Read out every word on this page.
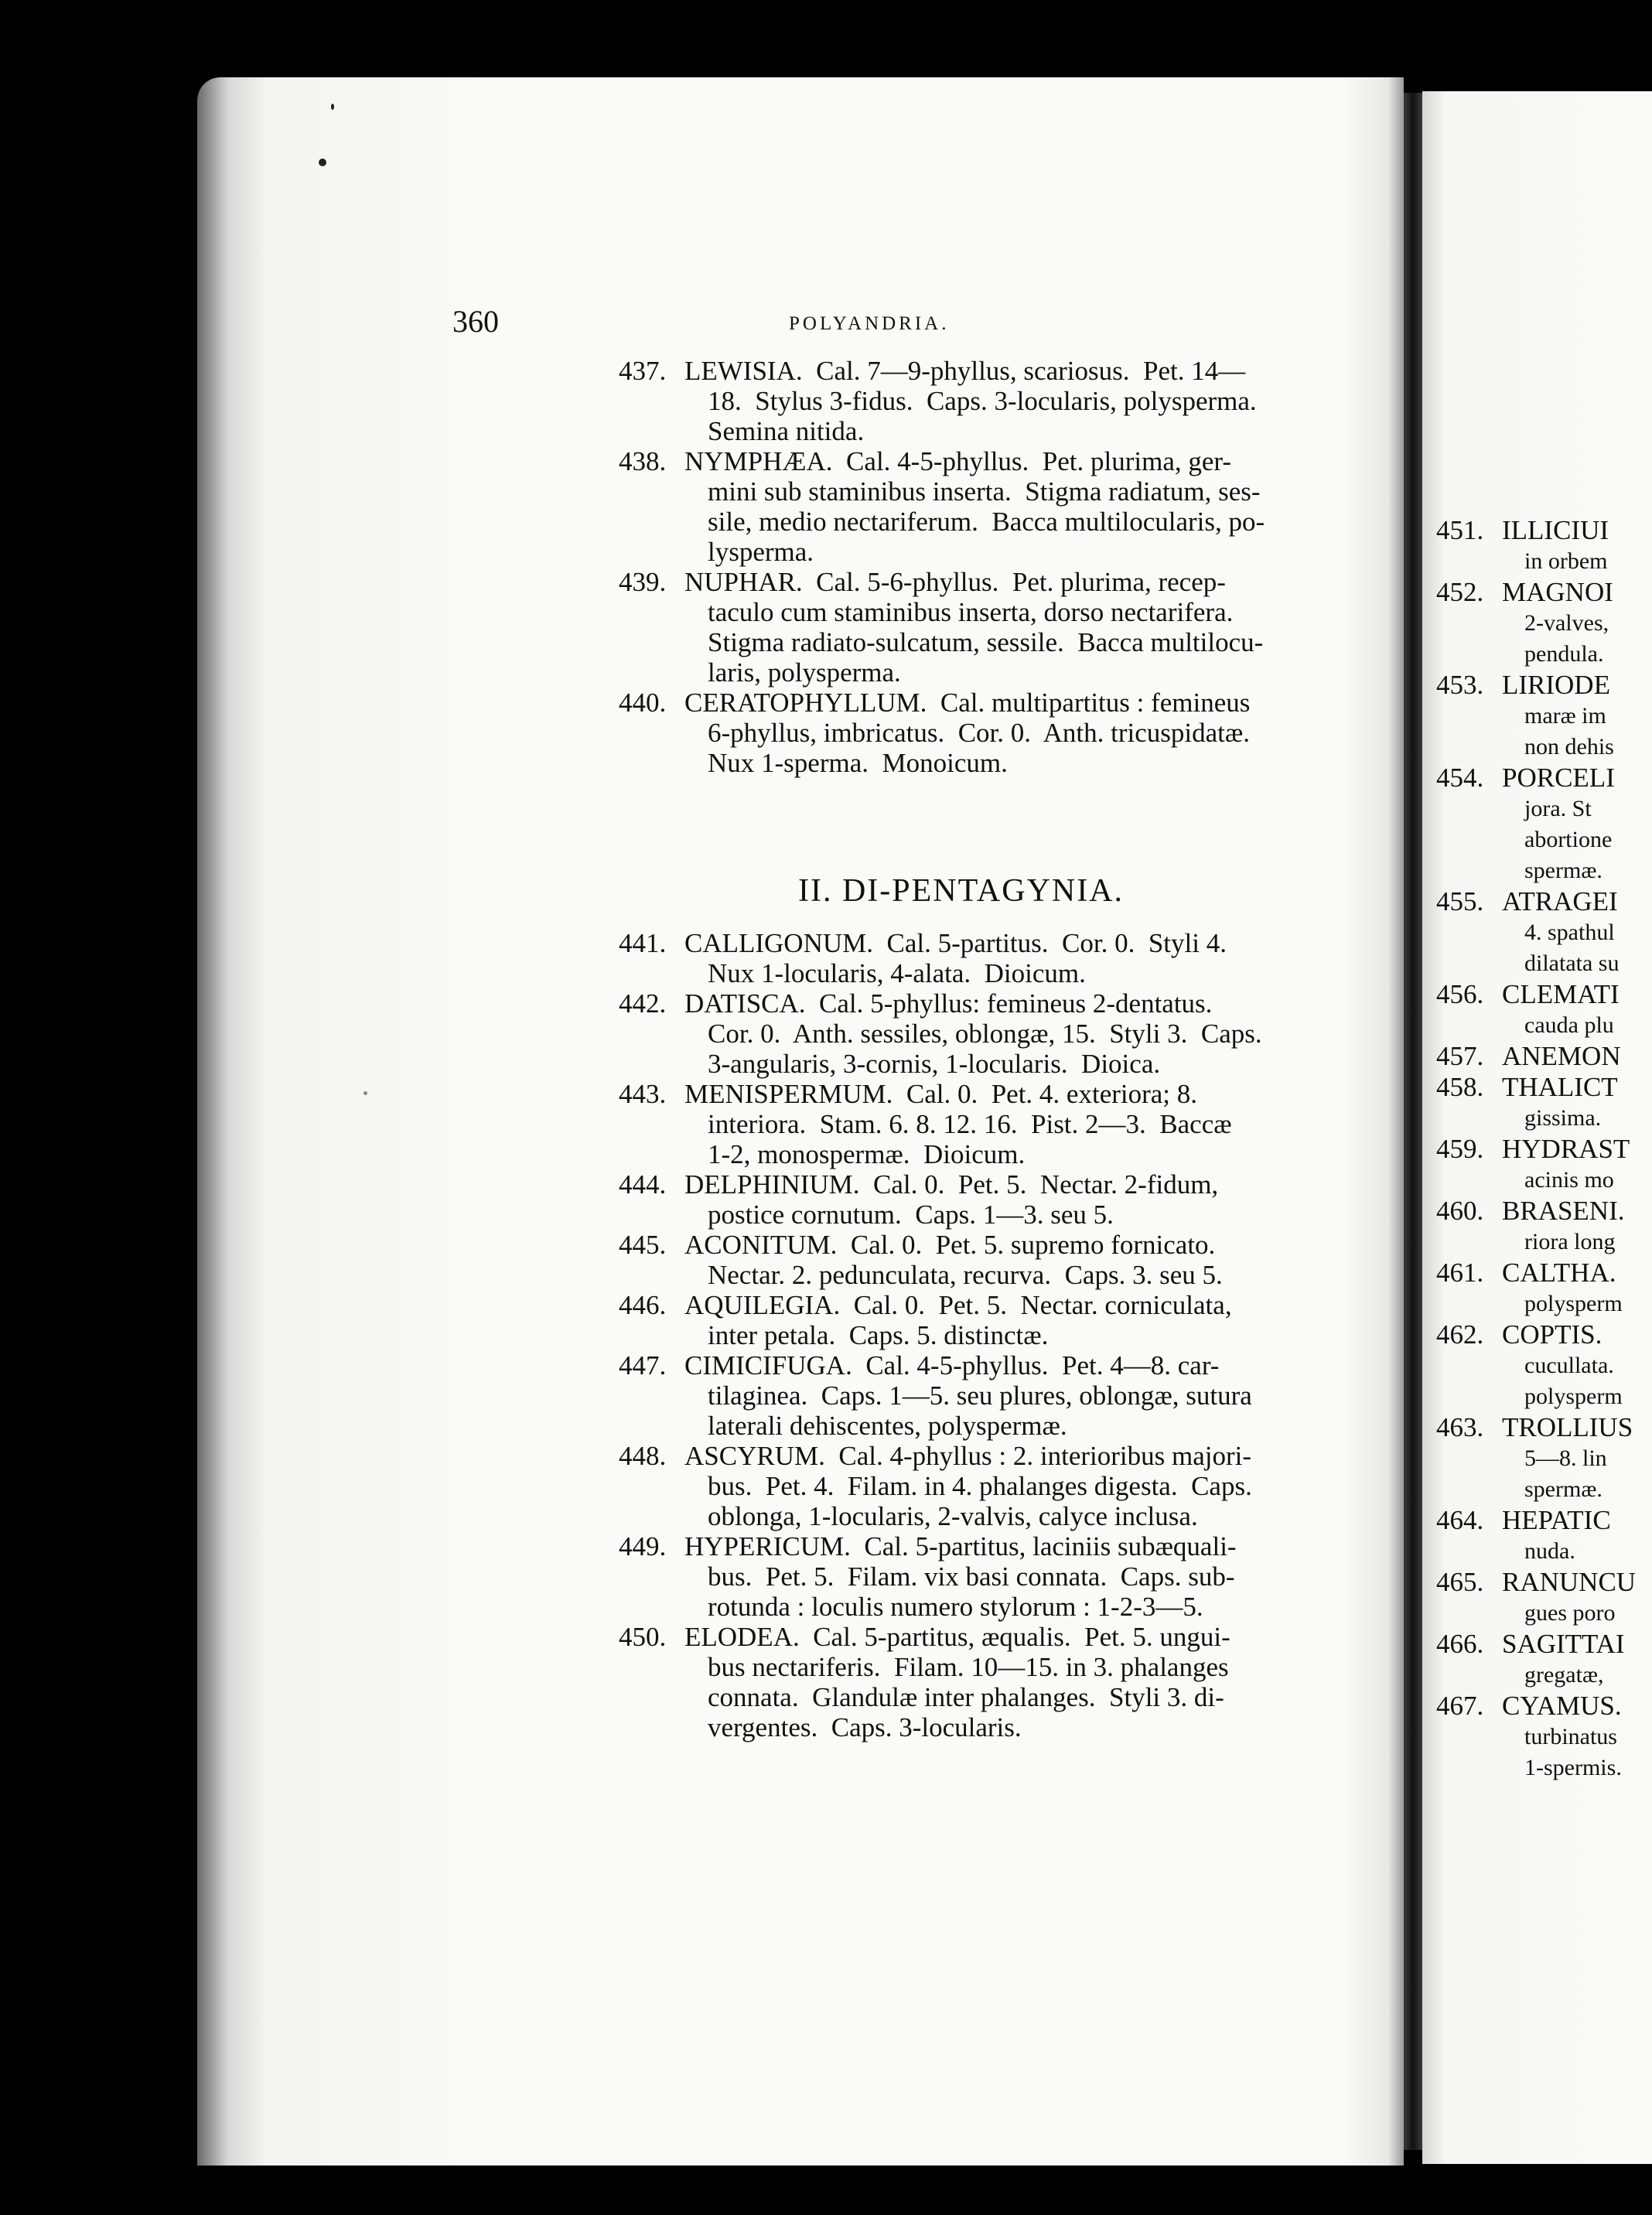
451. ILLICIUI
in orbem
452. MAGNOI
2-valves,
pendula.
453. LIRIODE
maræ im
non dehis
454. PORCELI
jora. St
abortione
spermæ.
455. ATRAGEI
4. spathul
dilatata su
456. CLEMATI
cauda plu
457. ANEMON
458. THALICT
gissima.
459. HYDRAST
acinis mo
460. BRASENI.
riora long
461. CALTHA.
polysperm
462. COPTIS.
cucullata.
polysperm
463. TROLLIUS
5—8. lin
spermæ.
464. HEPATIC
nuda.
465. RANUNCU
gues poro
466. SAGITTAI
gregatæ,
467. CYAMUS.
turbinatus
1-spermis.
360	POLYANDRIA.
II. DI-PENTAGYNIA.
437. LEWISIA.  Cal. 7—9-phyllus, scariosus.  Pet. 14—
18.  Stylus 3-fidus.  Caps. 3-locularis, polysperma.
Semina nitida.
438. NYMPHÆA.  Cal. 4-5-phyllus.  Pet. plurima, ger-
mini sub staminibus inserta.  Stigma radiatum, ses-
sile, medio nectariferum.  Bacca multilocularis, po-
lysperma.
439. NUPHAR.  Cal. 5-6-phyllus.  Pet. plurima, recep-
taculo cum staminibus inserta, dorso nectarifera.
Stigma radiato-sulcatum, sessile.  Bacca multilocu-
laris, polysperma.
440. CERATOPHYLLUM.  Cal. multipartitus : femineus
6-phyllus, imbricatus.  Cor. 0.  Anth. tricuspidatæ.
Nux 1-sperma.  Monoicum.
441. CALLIGONUM.  Cal. 5-partitus.  Cor. 0.  Styli 4.
Nux 1-locularis, 4-alata.  Dioicum.
442. DATISCA.  Cal. 5-phyllus: femineus 2-dentatus.
Cor. 0.  Anth. sessiles, oblongæ, 15.  Styli 3.  Caps.
3-angularis, 3-cornis, 1-locularis.  Dioica.
443. MENISPERMUM.  Cal. 0.  Pet. 4. exteriora; 8.
interiora.  Stam. 6. 8. 12. 16.  Pist. 2—3.  Baccæ
1-2, monospermæ.  Dioicum.
444. DELPHINIUM.  Cal. 0.  Pet. 5.  Nectar. 2-fidum,
postice cornutum.  Caps. 1—3. seu 5.
445. ACONITUM.  Cal. 0.  Pet. 5. supremo fornicato.
Nectar. 2. pedunculata, recurva.  Caps. 3. seu 5.
446. AQUILEGIA.  Cal. 0.  Pet. 5.  Nectar. corniculata,
inter petala.  Caps. 5. distinctæ.
447. CIMICIFUGA.  Cal. 4-5-phyllus.  Pet. 4—8. car-
tilaginea.  Caps. 1—5. seu plures, oblongæ, sutura
laterali dehiscentes, polyspermæ.
448. ASCYRUM.  Cal. 4-phyllus : 2. interioribus majori-
bus.  Pet. 4.  Filam. in 4. phalanges digesta.  Caps.
oblonga, 1-locularis, 2-valvis, calyce inclusa.
449. HYPERICUM.  Cal. 5-partitus, laciniis subæquali-
bus.  Pet. 5.  Filam. vix basi connata.  Caps. sub-
rotunda : loculis numero stylorum : 1-2-3—5.
450. ELODEA.  Cal. 5-partitus, æqualis.  Pet. 5. ungui-
bus nectariferis.  Filam. 10—15. in 3. phalanges
connata.  Glandulæ inter phalanges.  Styli 3. di-
vergentes.  Caps. 3-locularis.
